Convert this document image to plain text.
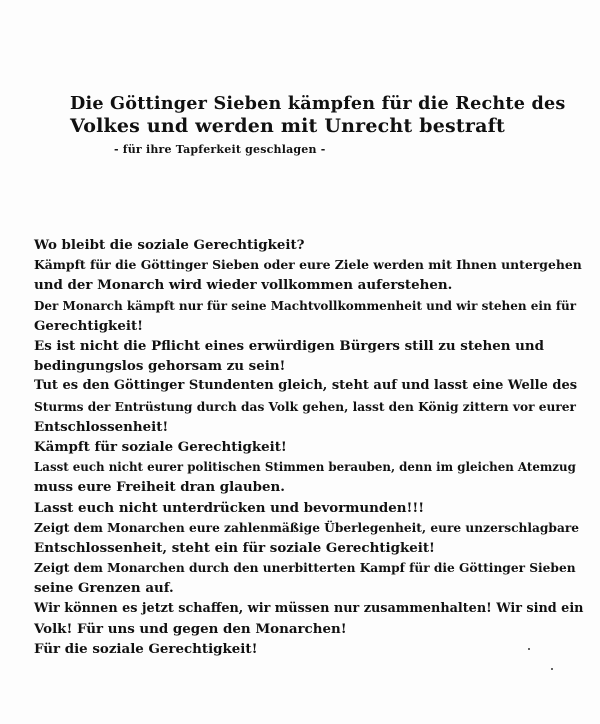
Die Göttinger Sieben kämpfen für die Rechte des
Volkes und werden mit Unrecht bestraft
- für ihre Tapferkeit geschlagen -
Wo bleibt die soziale Gerechtigkeit?
Kämpft für die Göttinger Sieben oder eure Ziele werden mit Ihnen untergehen
und der Monarch wird wieder vollkommen auferstehen.
Der Monarch kämpft nur für seine Machtvollkommenheit und wir stehen ein für
Gerechtigkeit!
Es ist nicht die Pflicht eines erwürdigen Bürgers still zu stehen und
bedingungslos gehorsam zu sein!
Tut es den Göttinger Stundenten gleich, steht auf und lasst eine Welle des
Sturms der Entrüstung durch das Volk gehen, lasst den König zittern vor eurer
Entschlossenheit!
Kämpft für soziale Gerechtigkeit!
Lasst euch nicht eurer politischen Stimmen berauben, denn im gleichen Atemzug
muss eure Freiheit dran glauben.
Lasst euch nicht unterdrücken und bevormunden!!!
Zeigt dem Monarchen eure zahlenmäßige Überlegenheit, eure unzerschlagbare
Entschlossenheit, steht ein für soziale Gerechtigkeit!
Zeigt dem Monarchen durch den unerbitterten Kampf für die Göttinger Sieben
seine Grenzen auf.
Wir können es jetzt schaffen, wir müssen nur zusammenhalten! Wir sind ein
Volk! Für uns und gegen den Monarchen!
Für die soziale Gerechtigkeit!
